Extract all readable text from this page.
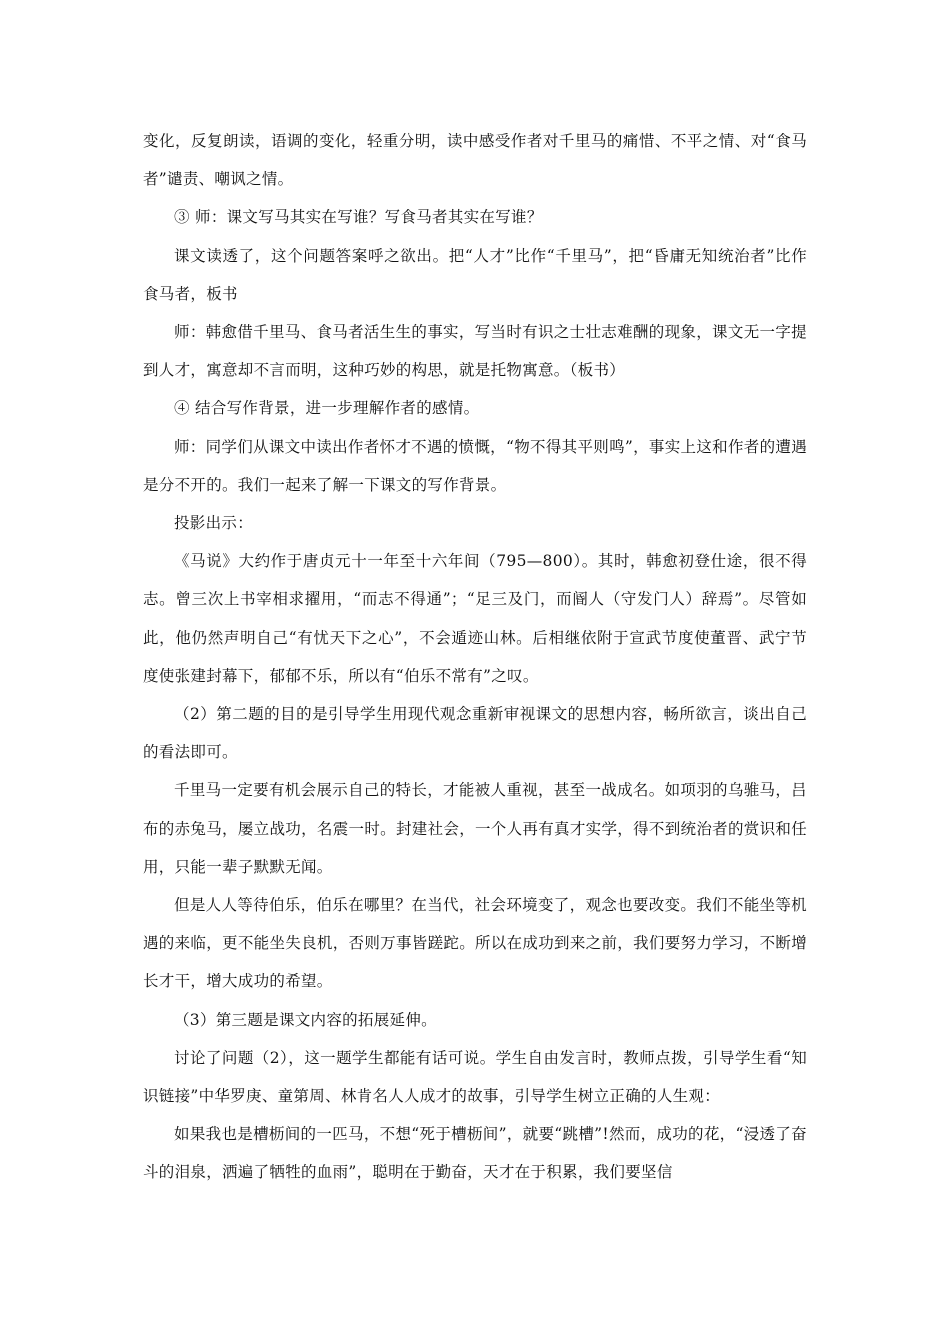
变化，反复朗读，语调的变化，轻重分明，读中感受作者对千里马的痛惜、不平之情、对“食马者”谴责、嘲讽之情。

③ 师：课文写马其实在写谁？写食马者其实在写谁？

课文读透了，这个问题答案呼之欲出。把“人才”比作“千里马”，把“昏庸无知统治者”比作食马者，板书

师：韩愈借千里马、食马者活生生的事实，写当时有识之士壮志难酬的现象，课文无一字提到人才，寓意却不言而明，这种巧妙的构思，就是托物寓意。（板书）

④ 结合写作背景，进一步理解作者的感情。

师：同学们从课文中读出作者怀才不遇的愤慨，“物不得其平则鸣”，事实上这和作者的遭遇是分不开的。我们一起来了解一下课文的写作背景。

投影出示：

《马说》大约作于唐贞元十一年至十六年间（795—800）。其时，韩愈初登仕途，很不得志。曾三次上书宰相求擢用，“而志不得通”；“足三及门，而阍人（守发门人）辞焉”。尽管如此，他仍然声明自己“有忧天下之心”，不会遁迹山林。后相继依附于宣武节度使董晋、武宁节度使张建封幕下，郁郁不乐，所以有“伯乐不常有”之叹。

（2）第二题的目的是引导学生用现代观念重新审视课文的思想内容，畅所欲言，谈出自己的看法即可。

千里马一定要有机会展示自己的特长，才能被人重视，甚至一战成名。如项羽的乌骓马，吕布的赤兔马，屡立战功，名震一时。封建社会，一个人再有真才实学，得不到统治者的赏识和任用，只能一辈子默默无闻。

但是人人等待伯乐，伯乐在哪里？在当代，社会环境变了，观念也要改变。我们不能坐等机遇的来临，更不能坐失良机，否则万事皆蹉跎。所以在成功到来之前，我们要努力学习，不断增长才干，增大成功的希望。

（3）第三题是课文内容的拓展延伸。

讨论了问题（2），这一题学生都能有话可说。学生自由发言时，教师点拨，引导学生看“知识链接”中华罗庚、童第周、林肯名人人成才的故事，引导学生树立正确的人生观：

如果我也是槽枥间的一匹马，不想“死于槽枥间”，就要“跳槽”!然而，成功的花，“浸透了奋斗的泪泉，洒遍了牺牲的血雨”，聪明在于勤奋，天才在于积累，我们要坚信
